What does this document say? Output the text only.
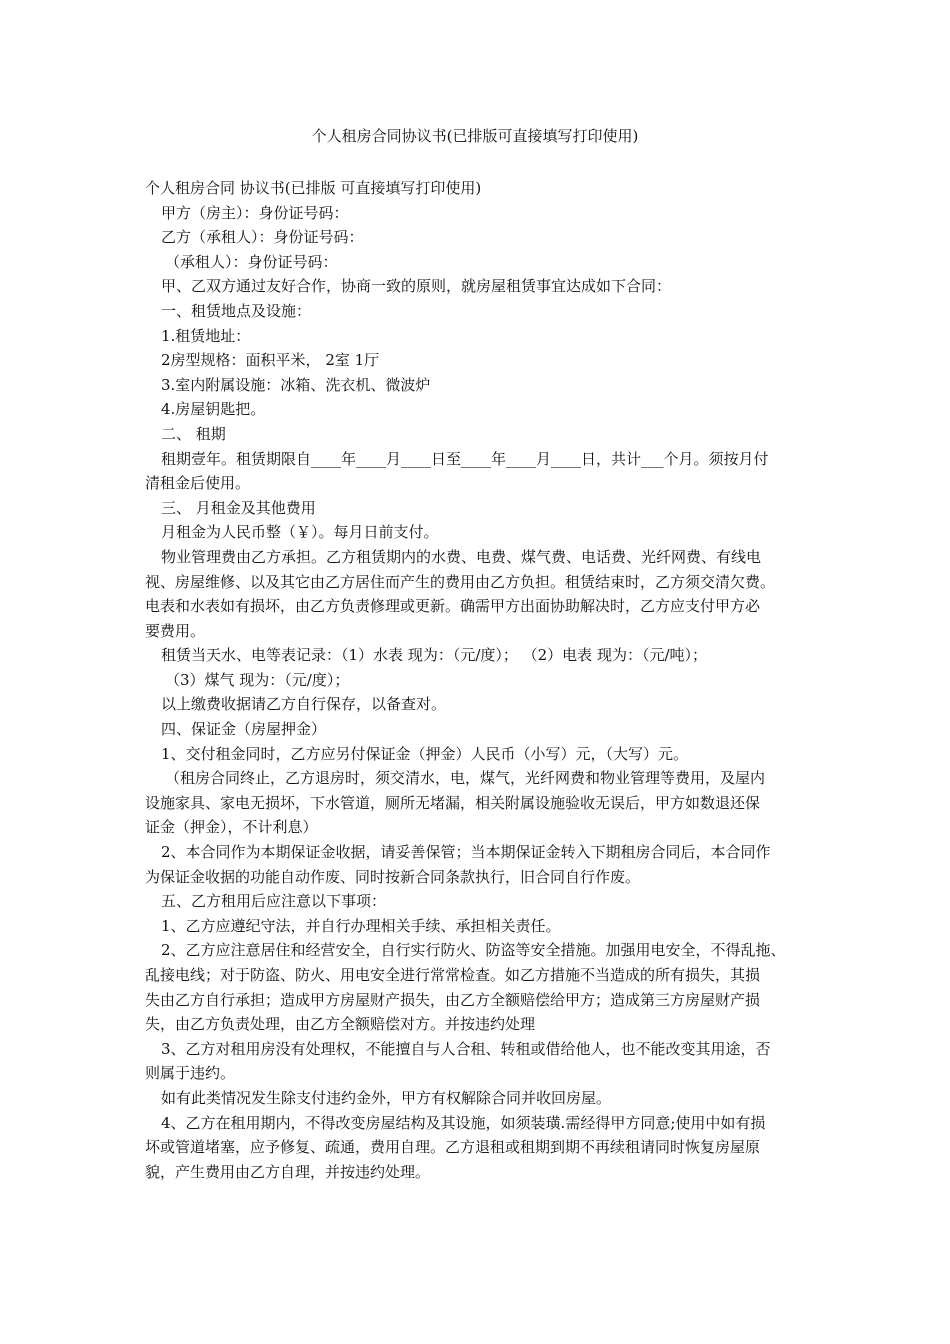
个人租房合同协议书(已排版可直接填写打印使用)

个人租房合同 协议书(已排版 可直接填写打印使用)

甲方（房主）：身份证号码：

乙方（承租人）：身份证号码：

（承租人）：身份证号码：

甲、乙双方通过友好合作，协商一致的原则，就房屋租赁事宜达成如下合同：

一、租赁地点及设施：

1.租赁地址：

2房型规格：面积平米， 2室 1厅

3.室内附属设施：冰箱、洗衣机、微波炉

4.房屋钥匙把。

二、 租期

租期壹年。租赁期限自____年____月____日至____年____月____日，共计___个月。须按月付

清租金后使用。

三、 月租金及其他费用

月租金为人民币整（￥）。每月日前支付。

物业管理费由乙方承担。乙方租赁期内的水费、电费、煤气费、电话费、光纤网费、有线电

视、房屋维修、以及其它由乙方居住而产生的费用由乙方负担。租赁结束时，乙方须交清欠费。

电表和水表如有损坏，由乙方负责修理或更新。确需甲方出面协助解决时，乙方应支付甲方必

要费用。

租赁当天水、电等表记录：（1）水表 现为：（元/度）； （2）电表 现为：（元/吨）；

（3）煤气 现为：（元/度）；

以上缴费收据请乙方自行保存，以备查对。

四、保证金（房屋押金）

1、交付租金同时，乙方应另付保证金（押金）人民币（小写）元，（大写）元。

（租房合同终止，乙方退房时，须交清水，电，煤气，光纤网费和物业管理等费用，及屋内

设施家具、家电无损坏，下水管道，厕所无堵漏，相关附属设施验收无误后，甲方如数退还保

证金（押金），不计利息）

2、本合同作为本期保证金收据，请妥善保管；当本期保证金转入下期租房合同后，本合同作

为保证金收据的功能自动作废、同时按新合同条款执行，旧合同自行作废。

五、乙方租用后应注意以下事项：

1、乙方应遵纪守法，并自行办理相关手续、承担相关责任。

2、乙方应注意居住和经营安全，自行实行防火、防盗等安全措施。加强用电安全，不得乱拖、

乱接电线；对于防盗、防火、用电安全进行常常检查。如乙方措施不当造成的所有损失，其损

失由乙方自行承担；造成甲方房屋财产损失，由乙方全额赔偿给甲方；造成第三方房屋财产损

失，由乙方负责处理，由乙方全额赔偿对方。并按违约处理

3、乙方对租用房没有处理权，不能擅自与人合租、转租或借给他人，也不能改变其用途，否

则属于违约。

如有此类情况发生除支付违约金外，甲方有权解除合同并收回房屋。

4、乙方在租用期内，不得改变房屋结构及其设施，如须装璜.需经得甲方同意;使用中如有损

坏或管道堵塞，应予修复、疏通，费用自理。乙方退租或租期到期不再续租请同时恢复房屋原

貌，产生费用由乙方自理，并按违约处理。
